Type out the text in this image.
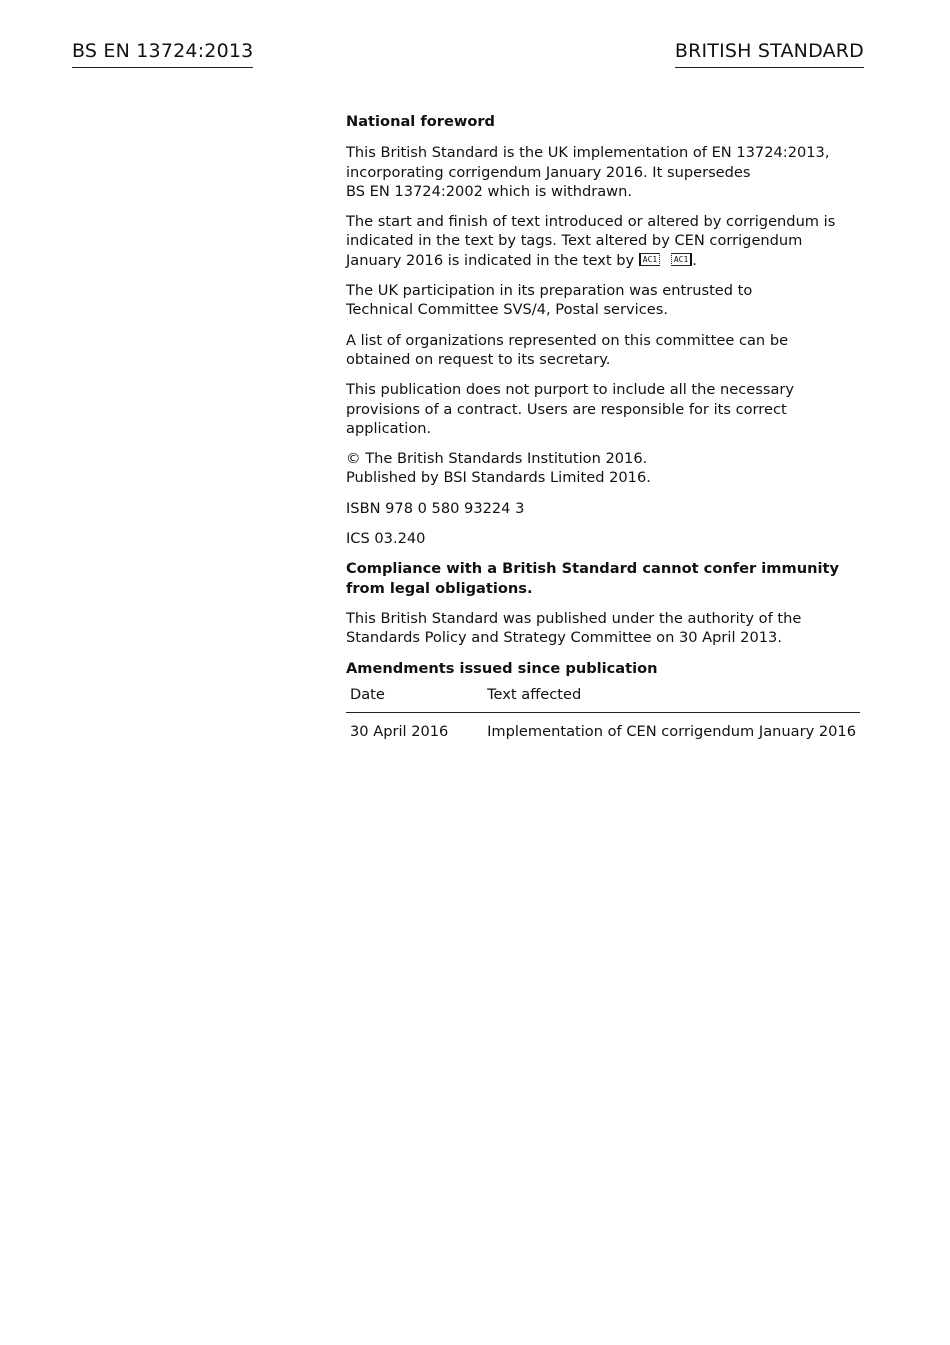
BS EN 13724:2013	BRITISH STANDARD

National foreword

This British Standard is the UK implementation of EN 13724:2013,
incorporating corrigendum January 2016. It supersedes
BS EN 13724:2002 which is withdrawn.

The start and finish of text introduced or altered by corrigendum is
indicated in the text by tags. Text altered by CEN corrigendum
January 2016 is indicated in the text by AC1 AC1 .

The UK participation in its preparation was entrusted to
Technical Committee SVS/4, Postal services.

A list of organizations represented on this committee can be
obtained on request to its secretary.

This publication does not purport to include all the necessary
provisions of a contract. Users are responsible for its correct
application.

© The British Standards Institution 2016.
Published by BSI Standards Limited 2016.

ISBN 978 0 580 93224 3

ICS 03.240

Compliance with a British Standard cannot confer immunity
from legal obligations.

This British Standard was published under the authority of the
Standards Policy and Strategy Committee on 30 April 2013.

Amendments issued since publication

Date	Text affected
30 April 2016	Implementation of CEN corrigendum January 2016
